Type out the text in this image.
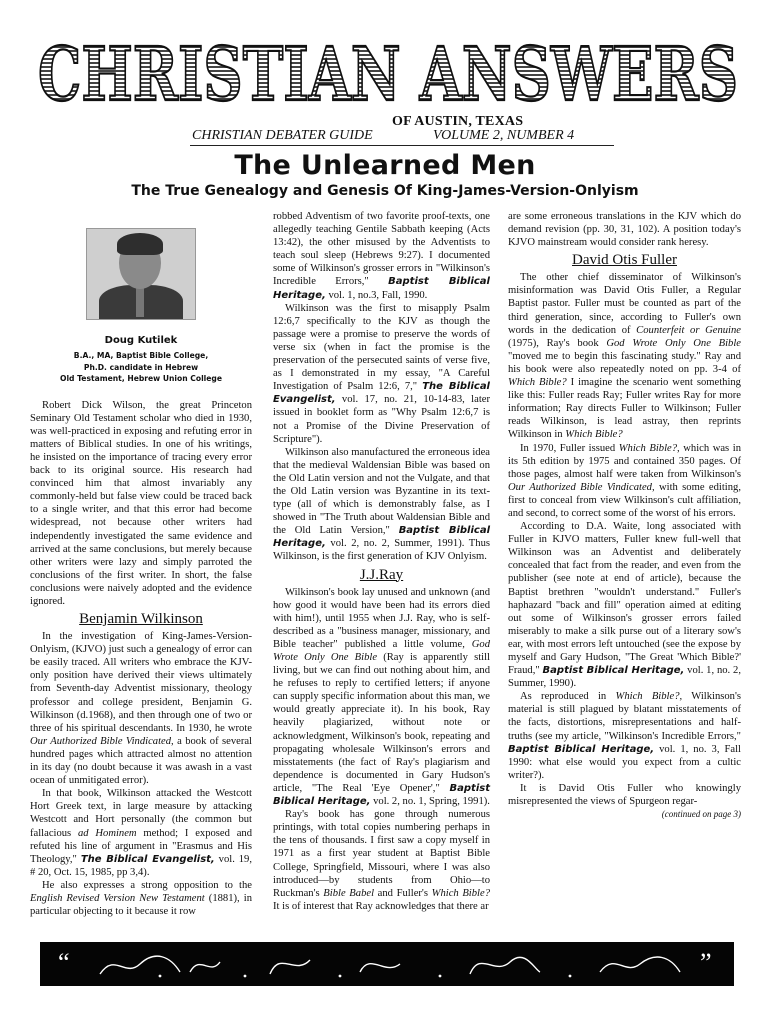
CHRISTIAN ANSWERS
OF AUSTIN, TEXAS
CHRISTIAN DEBATER GUIDE	VOLUME 2, NUMBER 4
The Unlearned Men
The True Genealogy and Genesis Of King-James-Version-Onlyism
Doug Kutilek
B.A., MA, Baptist Bible College,
Ph.D. candidate in Hebrew
Old Testament, Hebrew Union College

Robert Dick Wilson, the great Princeton Seminary Old Testament scholar who died in 1930, was well-practiced in exposing and refuting error in matters of Biblical studies. In one of his writings, he insisted on the importance of tracing every error back to its original source. His research had convinced him that almost invariably any commonly-held but false view could be traced back to a single writer, and that this error had become widespread, not because other writers had independently investigated the same evidence and arrived at the same conclusions, but merely because other writers were lazy and simply parroted the conclusions of the first writer. In short, the false conclusions were naively adopted and the evidence ignored.

Benjamin Wilkinson

In the investigation of King-James-Version-Onlyism, (KJVO) just such a genealogy of error can be easily traced. All writers who embrace the KJV-only position have derived their views ultimately from Seventh-day Adventist missionary, theology professor and college president, Benjamin G. Wilkinson (d.1968), and then through one of two or three of his spiritual descendants. In 1930, he wrote Our Authorized Bible Vindicated, a book of several hundred pages which attracted almost no attention in its day (no doubt because it was awash in a vast ocean of unmitigated error).

In that book, Wilkinson attacked the Westcott Hort Greek text, in large measure by attacking Westcott and Hort personally (the common but fallacious ad Hominem method; I exposed and refuted his line of argument in "Erasmus and His Theology," The Biblical Evangelist, vol. 19, # 20, Oct. 15, 1985, pp 3,4).

He also expresses a strong opposition to the English Revised Version New Testament (1881), in particular objecting to it because it row

robbed Adventism of two favorite proof-texts, one allegedly teaching Gentile Sabbath keeping (Acts 13:42), the other misused by the Adventists to teach soul sleep (Hebrews 9:27). I documented some of Wilkinson's grosser errors in "Wilkinson's Incredible Errors," Baptist Biblical Heritage, vol. 1, no.3, Fall, 1990.

Wilkinson was the first to misapply Psalm 12:6,7 specifically to the KJV as though the passage were a promise to preserve the words of verse six (when in fact the promise is the preservation of the persecuted saints of verse five, as I demonstrated in my essay, "A Careful Investigation of Psalm 12:6, 7," The Biblical Evangelist, vol. 17, no. 21, 10-14-83, later issued in booklet form as "Why Psalm 12:6,7 is not a Promise of the Divine Preservation of Scripture").

Wilkinson also manufactured the erroneous idea that the medieval Waldensian Bible was based on the Old Latin version and not the Vulgate, and that the Old Latin version was Byzantine in its text-type (all of which is demonstrably false, as I showed in "The Truth about Waldensian Bible and the Old Latin Version," Baptist Biblical Heritage, vol. 2, no. 2, Summer, 1991). Thus Wilkinson, is the first generation of KJV Onlyism.

J.J.Ray

Wilkinson's book lay unused and unknown (and how good it would have been had its errors died with him!), until 1955 when J.J. Ray, who is self-described as a "business manager, missionary, and Bible teacher" published a little volume, God Wrote Only One Bible (Ray is apparently still living, but we can find out nothing about him, and he refuses to reply to certified letters; if anyone can supply specific information about this man, we would greatly appreciate it). In his book, Ray heavily plagiarized, without note or acknowledgment, Wilkinson's book, repeating and propagating wholesale Wilkinson's errors and misstatements (the fact of Ray's plagiarism and dependence is documented in Gary Hudson's article, "The Real 'Eye Opener'," Baptist Biblical Heritage, vol. 2, no. 1, Spring, 1991).

Ray's book has gone through numerous printings, with total copies numbering perhaps in the tens of thousands. I first saw a copy myself in 1971 as a first year student at Baptist Bible College, Springfield, Missouri, where I was also introduced—by students from Ohio—to Ruckman's Bible Babel and Fuller's Which Bible? It is of interest that Ray acknowledges that there ar

are some erroneous translations in the KJV which do demand revision (pp. 30, 31, 102). A position today's KJVO mainstream would consider rank heresy.

David Otis Fuller

The other chief disseminator of Wilkinson's misinformation was David Otis Fuller, a Regular Baptist pastor. Fuller must be counted as part of the third generation, since, according to Fuller's own words in the dedication of Counterfeit or Genuine (1975), Ray's book God Wrote Only One Bible "moved me to begin this fascinating study." Ray and his book were also repeatedly noted on pp. 3-4 of Which Bible? I imagine the scenario went something like this: Fuller reads Ray; Fuller writes Ray for more information; Ray directs Fuller to Wilkinson; Fuller reads Wilkinson, is lead astray, then reprints Wilkinson in Which Bible?

In 1970, Fuller issued Which Bible?, which was in its 5th edition by 1975 and contained 350 pages. Of those pages, almost half were taken from Wilkinson's Our Authorized Bible Vindicated, with some editing, first to conceal from view Wilkinson's cult affiliation, and second, to correct some of the worst of his errors.

According to D.A. Waite, long associated with Fuller in KJVO matters, Fuller knew full-well that Wilkinson was an Adventist and deliberately concealed that fact from the reader, and even from the publisher (see note at end of article), because the Baptist brethren "wouldn't understand." Fuller's haphazard "back and fill" operation aimed at editing out some of Wilkinson's grosser errors failed miserably to make a silk purse out of a literary sow's ear, with most errors left untouched (see the expose by myself and Gary Hudson, "The Great 'Which Bible?' Fraud," Baptist Biblical Heritage, vol. 1, no. 2, Summer, 1990).

As reproduced in Which Bible?, Wilkinson's material is still plagued by blatant misstatements of the facts, distortions, misrepresentations and half-truths (see my article, "Wilkinson's Incredible Errors," Baptist Biblical Heritage, vol. 1, no. 3, Fall 1990: what else would you expect from a cultic writer?).

It is David Otis Fuller who knowingly misrepresented the views of Spurgeon regar-

(continued on page 3)
“	”
